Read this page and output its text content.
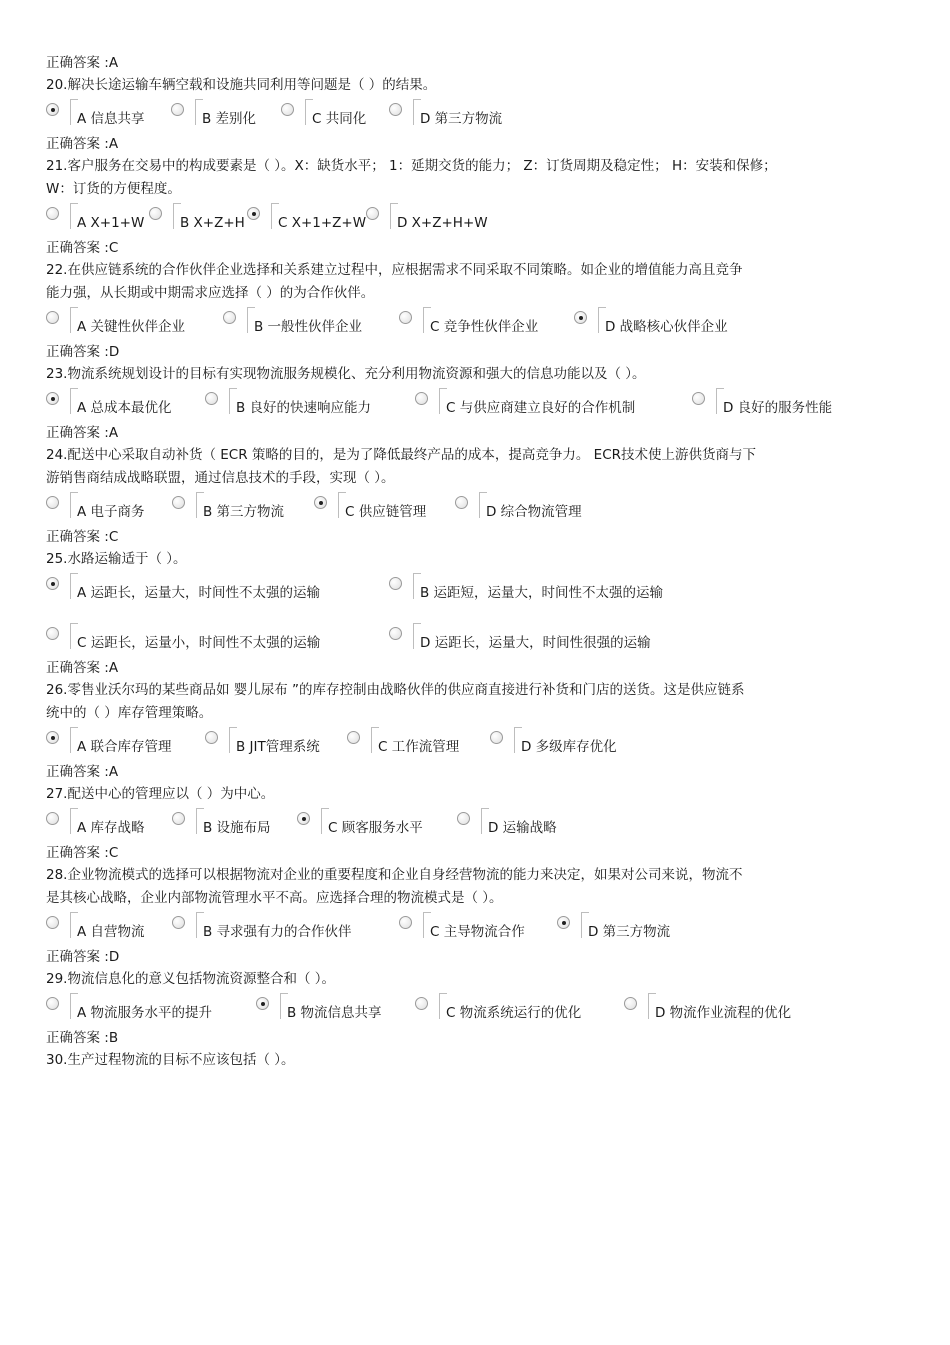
正确答案 :A

20.解决长途运输车辆空载和设施共同利用等问题是（ ）的结果。

A 信息共享	B 差别化	C 共同化	D 第三方物流

正确答案 :A

21.客户服务在交易中的构成要素是（ ）。X：缺货水平； 1：延期交货的能力； Z：订货周期及稳定性； H：安装和保修；

W：订货的方便程度。

A X+1+W	B X+Z+H C X+1+Z+W D X+Z+H+W

正确答案 :C

22.在供应链系统的合作伙伴企业选择和关系建立过程中，应根据需求不同采取不同策略。如企业的增值能力高且竞争

能力强，从长期或中期需求应选择（ ）的为合作伙伴。

A 关键性伙伴企业	B 一般性伙伴企业	C 竞争性伙伴企业	D 战略核心伙伴企业

正确答案 :D

23.物流系统规划设计的目标有实现物流服务规模化、充分利用物流资源和强大的信息功能以及（ ）。

A 总成本最优化	B 良好的快速响应能力	C 与供应商建立良好的合作机制	D 良好的服务性能

正确答案 :A

24.配送中心采取自动补货（ ECR 策略的目的，是为了降低最终产品的成本，提高竞争力。 ECR技术使上游供货商与下

游销售商结成战略联盟，通过信息技术的手段，实现（ ）。

A 电子商务	B 第三方物流	C 供应链管理	D 综合物流管理

正确答案 :C

25.水路运输适于（ ）。

A 运距长，运量大，时间性不太强的运输	B 运距短，运量大，时间性不太强的运输
C 运距长，运量小，时间性不太强的运输	D 运距长，运量大，时间性很强的运输

正确答案 :A

26.零售业沃尔玛的某些商品如 婴儿尿布 ”的库存控制由战略伙伴的供应商直接进行补货和门店的送货。这是供应链系

统中的（ ）库存管理策略。

A 联合库存管理	B JIT管理系统	C 工作流管理	D 多级库存优化

正确答案 :A

27.配送中心的管理应以（ ）为中心。

A 库存战略	B 设施布局	C 顾客服务水平	D 运输战略

正确答案 :C

28.企业物流模式的选择可以根据物流对企业的重要程度和企业自身经营物流的能力来决定，如果对公司来说，物流不

是其核心战略，企业内部物流管理水平不高。应选择合理的物流模式是（ ）。

A 自营物流	B 寻求强有力的合作伙伴	C 主导物流合作	D 第三方物流

正确答案 :D

29.物流信息化的意义包括物流资源整合和（ ）。

A 物流服务水平的提升	B 物流信息共享	C 物流系统运行的优化	D 物流作业流程的优化

正确答案 :B

30.生产过程物流的目标不应该包括（ ）。
